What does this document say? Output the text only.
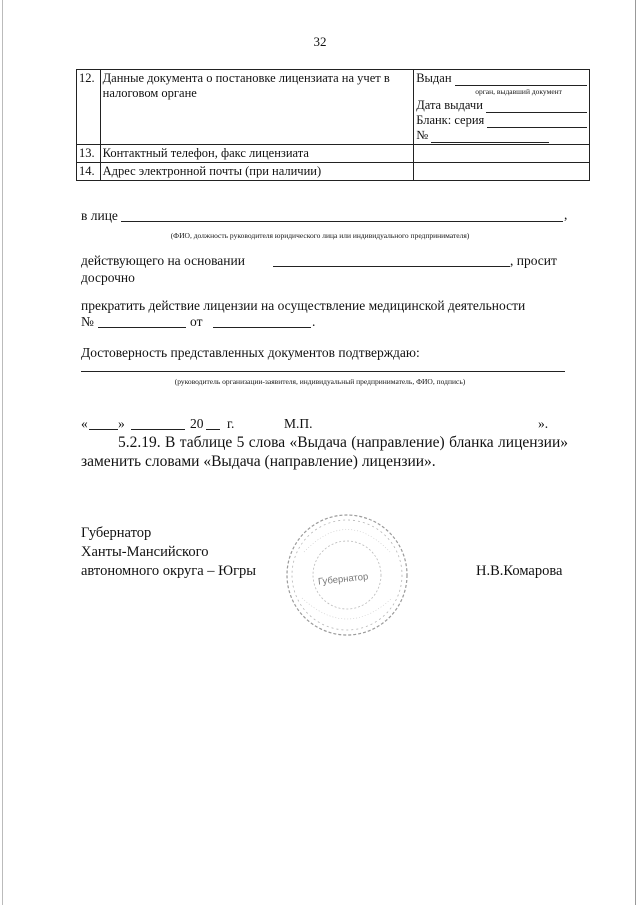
32
12.	Данные документа о постановке лицензиата на учет в налоговом органе	Выдан
орган, выдавший документ
Дата выдачи
Бланк: серия
№

13.	Контактный телефон, факс лицензиата	
14.	Адрес электронной почты (при наличии)	
в лице	,
(ФИО, должность руководителя юридического лица или индивидуального предпринимателя)
действующего на основании	, просит
досрочно
прекратить действие лицензии на осуществление медицинской деятельности
№	от	.
Достоверность представленных документов подтверждаю:
(руководитель организации-заявителя, индивидуальный предприниматель, ФИО, подпись)
« »	20 г.	М.П.	».
5.2.19. В таблице 5 слова «Выдача (направление) бланка лицензии» заменить словами «Выдача (направление) лицензии».
Губернатор
Ханты-Мансийского
автономного округа – Югры	Н.В.Комарова
Губернатор
